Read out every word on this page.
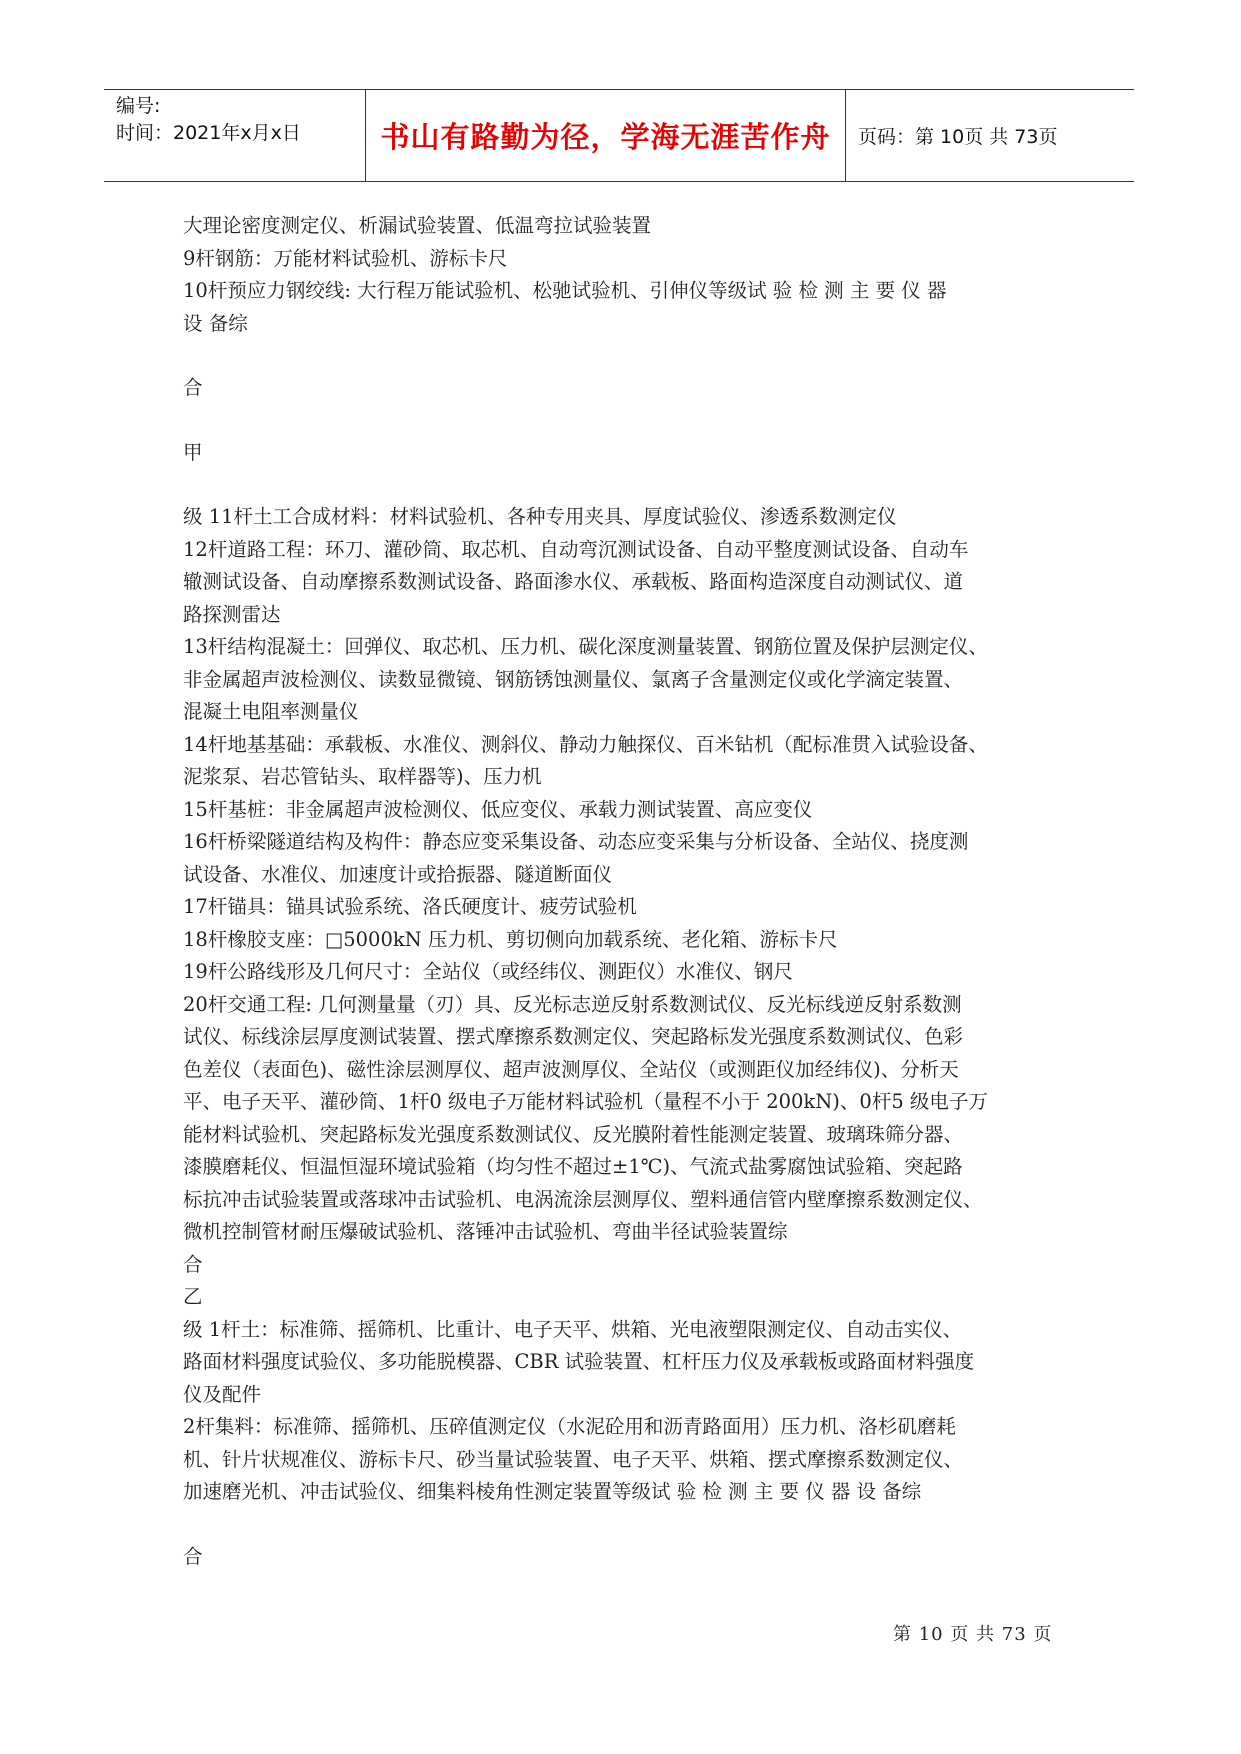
编号:
时间：2021年x月x日	书山有路勤为径，学海无涯苦作舟 页码：第 10页 共 73页
大理论密度测定仪、析漏试验装置、低温弯拉试验装置
9杆钢筋：万能材料试验机、游标卡尺
10杆预应力钢绞线: 大行程万能试验机、松驰试验机、引伸仪等级试 验 检 测 主 要 仪 器
设 备综
合
甲
级 11杆土工合成材料：材料试验机、各种专用夹具、厚度试验仪、渗透系数测定仪
12杆道路工程：环刀、灌砂筒、取芯机、自动弯沉测试设备、自动平整度测试设备、自动车
辙测试设备、自动摩擦系数测试设备、路面渗水仪、承载板、路面构造深度自动测试仪、道
路探测雷达
13杆结构混凝土：回弹仪、取芯机、压力机、碳化深度测量装置、钢筋位置及保护层测定仪、
非金属超声波检测仪、读数显微镜、钢筋锈蚀测量仪、氯离子含量测定仪或化学滴定装置、
混凝土电阻率测量仪
14杆地基基础：承载板、水准仪、测斜仪、静动力触探仪、百米钻机（配标准贯入试验设备、
泥浆泵、岩芯管钻头、取样器等)、压力机
15杆基桩：非金属超声波检测仪、低应变仪、承载力测试装置、高应变仪
16杆桥梁隧道结构及构件：静态应变采集设备、动态应变采集与分析设备、全站仪、挠度测
试设备、水准仪、加速度计或拾振器、隧道断面仪
17杆锚具：锚具试验系统、洛氏硬度计、疲劳试验机
18杆橡胶支座：□5000kN 压力机、剪切侧向加载系统、老化箱、游标卡尺
19杆公路线形及几何尺寸：全站仪（或经纬仪、测距仪）水准仪、钢尺
20杆交通工程: 几何测量量（刃）具、反光标志逆反射系数测试仪、反光标线逆反射系数测
试仪、标线涂层厚度测试装置、摆式摩擦系数测定仪、突起路标发光强度系数测试仪、色彩
色差仪（表面色)、磁性涂层测厚仪、超声波测厚仪、全站仪（或测距仪加经纬仪)、分析天
平、电子天平、灌砂筒、1杆0 级电子万能材料试验机（量程不小于 200kN)、0杆5 级电子万
能材料试验机、突起路标发光强度系数测试仪、反光膜附着性能测定装置、玻璃珠筛分器、
漆膜磨耗仪、恒温恒湿环境试验箱（均匀性不超过±1℃)、气流式盐雾腐蚀试验箱、突起路
标抗冲击试验装置或落球冲击试验机、电涡流涂层测厚仪、塑料通信管内壁摩擦系数测定仪、
微机控制管材耐压爆破试验机、落锤冲击试验机、弯曲半径试验装置综
合
乙
级 1杆土：标准筛、摇筛机、比重计、电子天平、烘箱、光电液塑限测定仪、自动击实仪、
路面材料强度试验仪、多功能脱模器、CBR 试验装置、杠杆压力仪及承载板或路面材料强度
仪及配件
2杆集料：标准筛、摇筛机、压碎值测定仪（水泥砼用和沥青路面用）压力机、洛杉矶磨耗
机、针片状规准仪、游标卡尺、砂当量试验装置、电子天平、烘箱、摆式摩擦系数测定仪、
加速磨光机、冲击试验仪、细集料棱角性测定装置等级试 验 检 测 主 要 仪 器 设 备综
合
第 10 页 共 73 页
